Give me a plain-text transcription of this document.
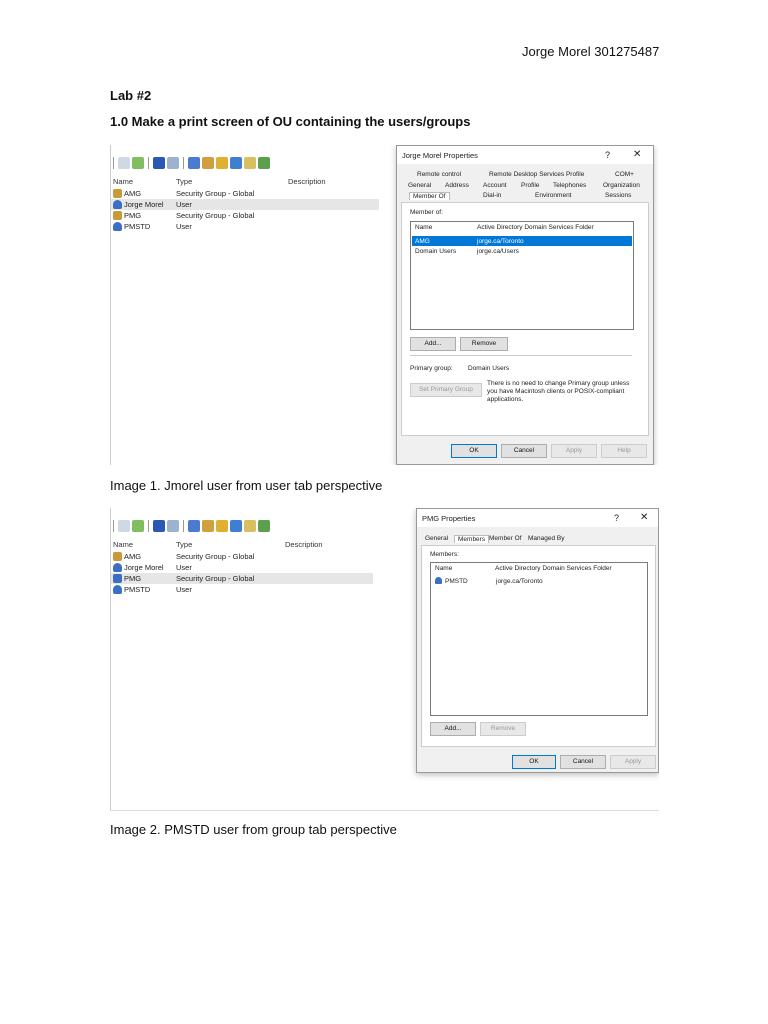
Jorge Morel 301275487
Lab #2
1.0 Make a print screen of OU containing the users/groups
Name	Type	Description
AMG	Security Group - Global
Jorge Morel User
PMG	Security Group - Global
PMSTD	User
Jorge Morel Properties	? ✕
Remote control	Remote Desktop Services Profile	COM+
General Address Account Profile Telephones	Organization
Member Of	Dial-in	Environment	Sessions
Member of:
Name	Active Directory Domain Services Folder
AMG	jorge.ca/Toronto
Domain Users	jorge.ca/Users
Add...	Remove
Primary group: Domain Users
Set Primary Group
There is no need to change Primary group unless you have Macintosh clients or POSIX-compliant applications.
OK	Cancel	Apply	Help
Image 1. Jmorel user from user tab perspective
Name	Type	Description
AMG	Security Group - Global
Jorge Morel User
PMG	Security Group - Global
PMSTD	User
PMG Properties	? ✕
General	Members Member Of Managed By
Members:
Name	Active Directory Domain Services Folder
PMSTD	jorge.ca/Toronto
Add...	Remove
OK	Cancel	Apply
Image 2. PMSTD user from group tab perspective
